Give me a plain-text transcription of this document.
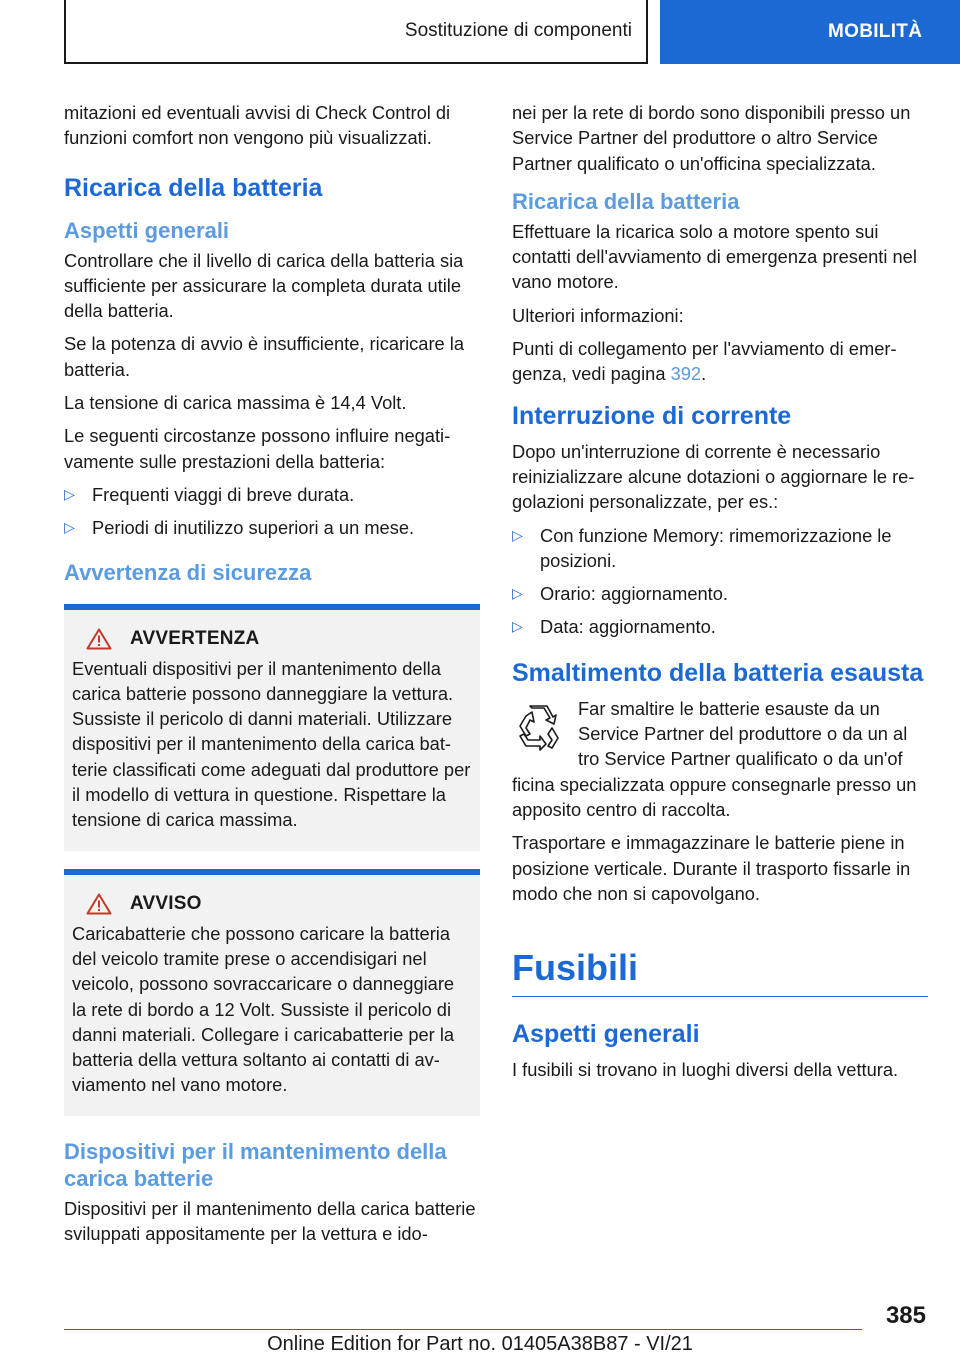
Sostituzione di componenti	MOBILITÀ

mitazioni ed eventuali avvisi di Check Control di funzioni comfort non vengono più visualizzati.

Ricarica della batteria
Aspetti generali

Controllare che il livello di carica della batteria sia sufficiente per assicurare la completa durata utile della batteria.

Se la potenza di avvio è insufficiente, ricaricare la batteria.

La tensione di carica massima è 14,4 Volt.

Le seguenti circostanze possono influire negativamente sulle prestazioni della batteria:

▷ Frequenti viaggi di breve durata.
▷ Periodi di inutilizzo superiori a un mese.
Avvertenza di sicurezza
AVVERTENZA

Eventuali dispositivi per il mantenimento della carica batterie possono danneggiare la vettura. Sussiste il pericolo di danni materiali. Utilizzare dispositivi per il mantenimento della carica batterie classificati come adeguati dal produttore per il modello di vettura in questione. Rispettare la tensione di carica massima.

AVVISO

Caricabatterie che possono caricare la batteria del veicolo tramite prese o accendisigari nel veicolo, possono sovraccaricare o danneggiare la rete di bordo a 12 Volt. Sussiste il pericolo di danni materiali. Collegare i caricabatterie per la batteria della vettura soltanto ai contatti di avviamento nel vano motore.

Dispositivi per il mantenimento della carica batterie

Dispositivi per il mantenimento della carica batterie sviluppati appositamente per la vettura e ido-

nei per la rete di bordo sono disponibili presso un Service Partner del produttore o altro Service Partner qualificato o un'officina specializzata.

Ricarica della batteria

Effettuare la ricarica solo a motore spento sui contatti dell'avviamento di emergenza presenti nel vano motore.

Ulteriori informazioni:

Punti di collegamento per l'avviamento di emergenza, vedi pagina 392.

Interruzione di corrente

Dopo un'interruzione di corrente è necessario reinizializzare alcune dotazioni o aggiornare le regolazioni personalizzate, per es.:

▷ Con funzione Memory: rimemorizzazione le posizioni.
▷ Orario: aggiornamento.
▷ Data: aggiornamento.
Smaltimento della batteria esausta

Far smaltire le batterie esauste da un

Service Partner del produttore o da un al

tro Service Partner qualificato o da un'of

ficina specializzata oppure consegnarle presso un apposito centro di raccolta.

Trasportare e immagazzinare le batterie piene in posizione verticale. Durante il trasporto fissarle in modo che non si capovolgano.

Fusibili
Aspetti generali

I fusibili si trovano in luoghi diversi della vettura.

385
Online Edition for Part no. 01405A38B87 - VI/21
